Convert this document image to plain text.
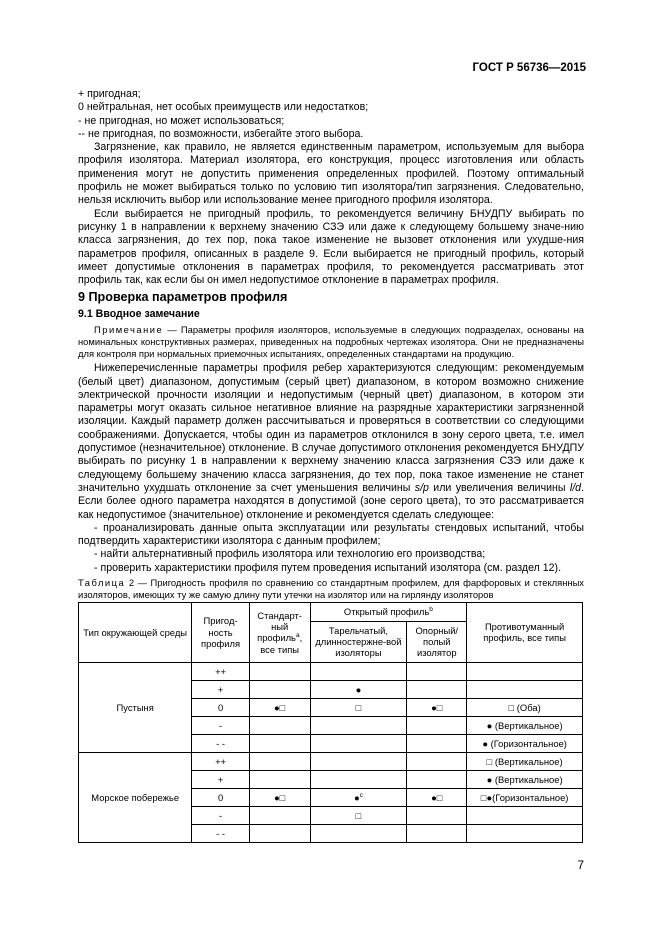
ГОСТ Р 56736—2015

+ пригодная;

0 нейтральная, нет особых преимуществ или недостатков;

- не пригодная, но может использоваться;

-- не пригодная, по возможности, избегайте этого выбора.

Загрязнение, как правило, не является единственным параметром, используемым для выбора профиля изолятора. Материал изолятора, его конструкция, процесс изготовления или область применения могут не допустить применения определенных профилей. Поэтому оптимальный профиль не может выбираться только по условию тип изолятора/тип загрязнения. Следовательно, нельзя исключить выбор или использование менее пригодного профиля изолятора.

Если выбирается не пригодный профиль, то рекомендуется величину БНУДПУ выбирать по рисунку 1 в направлении к верхнему значению СЗЭ или даже к следующему большему значе-нию класса загрязнения, до тех пор, пока такое изменение не вызовет отклонения или ухудше-ния параметров профиля, описанных в разделе 9. Если выбирается не пригодный профиль, который имеет допустимые отклонения в параметрах профиля, то рекомендуется рассматривать этот профиль так, как если бы он имел недопустимое отклонение в параметрах профиля.

9 Проверка параметров профиля
9.1 Вводное замечание

Примечание — Параметры профиля изоляторов, используемые в следующих подразделах, основаны на номинальных конструктивных размерах, приведенных на подробных чертежах изолятора. Они не предназначены для контроля при нормальных приемочных испытаниях, определенных стандартами на продукцию.

Нижеперечисленные параметры профиля ребер характеризуются следующим: рекомендуемым (белый цвет) диапазоном, допустимым (серый цвет) диапазоном, в котором возможно снижение электрической прочности изоляции и недопустимым (черный цвет) диапазоном, в котором эти параметры могут оказать сильное негативное влияние на разрядные характеристики загрязненной изоляции. Каждый параметр должен рассчитываться и проверяться в соответствии со следующими соображениями. Допускается, чтобы один из параметров отклонился в зону серого цвета, т.е. имел допустимое (незначительное) отклонение. В случае допустимого отклонения рекомендуется БНУДПУ выбирать по рисунку 1 в направлении к верхнему значению класса загрязнения СЗЭ или даже к следующему большему значению класса загрязнения, до тех пор, пока такое изменение не станет значительно ухудшать отклонение за счет уменьшения величины s/p или увеличения величины l/d. Если более одного параметра находятся в допустимой (зоне серого цвета), то это рассматривается как недопустимое (значительное) отклонение и рекомендуется сделать следующее:

- проанализировать данные опыта эксплуатации или результаты стендовых испытаний, чтобы подтвердить характеристики изолятора с данным профилем;

- найти альтернативный профиль изолятора или технологию его производства;

- проверить характеристики профиля путем проведения испытаний изолятора (см. раздел 12).

Таблица 2 — Пригодность профиля по сравнению со стандартным профилем, для фарфоровых и стеклянных изоляторов, имеющих ту же самую длину пути утечки на изолятор или на гирлянду изоляторов

Тип окружающей среды	Пригод-ность профиля	Стандарт-ный профиль$^a$, все типы	Открытый профиль$^b$		Противотуманный профиль, все типы
			Тарельчатый, длинностержне-вой изоляторы	Опорный/ полый изолятор	
Пустыня	++				
	+		●		
	0	●□	□	●□	□ (Оба)
	-				● (Вертикальное)
	- -				● (Горизонтальное)
Морское побережье	++				□ (Вертикальное)
	+				● (Вертикальное)
	0	●□	●$^c$	●□	□●(Горизонтальное)
	-		□		
	- -				
7
